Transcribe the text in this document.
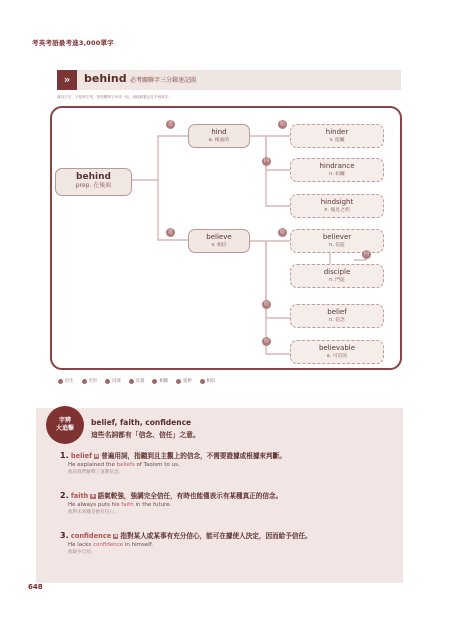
考英考語最考進3,000單字
»	behind 必考關聯字三分鐘速記圖
運用字首、字根與字尾，把相關單字串成一組，就能輕鬆記住多個單字。
behind
prep. 在後面
hind
a. 後面的
hinder
v. 阻礙
hindrance
n. 妨礙
hindsight
n. 後見之明
believe
v. 相信
believer
n. 信徒
disciple
n. 門徒
belief
n. 信念
believable
a. 可信的
近	衍
近	衍
同
衍
衍
同
衍生	近形	同義	反義	相關	延伸	相似
字辨
大追擊
belief, faith, confidence
這些名詞都有「信念、信任」之意。
1. belief n 普遍用詞，指聽到且主觀上的信念，不需要證據或根據來判斷。
He explained the beliefs of Taoism to us.
他向我們解釋了道教信念。
2. faith n 語氣較強，強調完全信任，有時也能僅表示有某種真正的信念。
He always puts his faith in the future.
他對未來總是抱有信心。
3. confidence n 指對某人或某事有充分信心，能可在據使人決定，因而給予信任。
He lacks confidence in himself.
他缺少自信。
648
